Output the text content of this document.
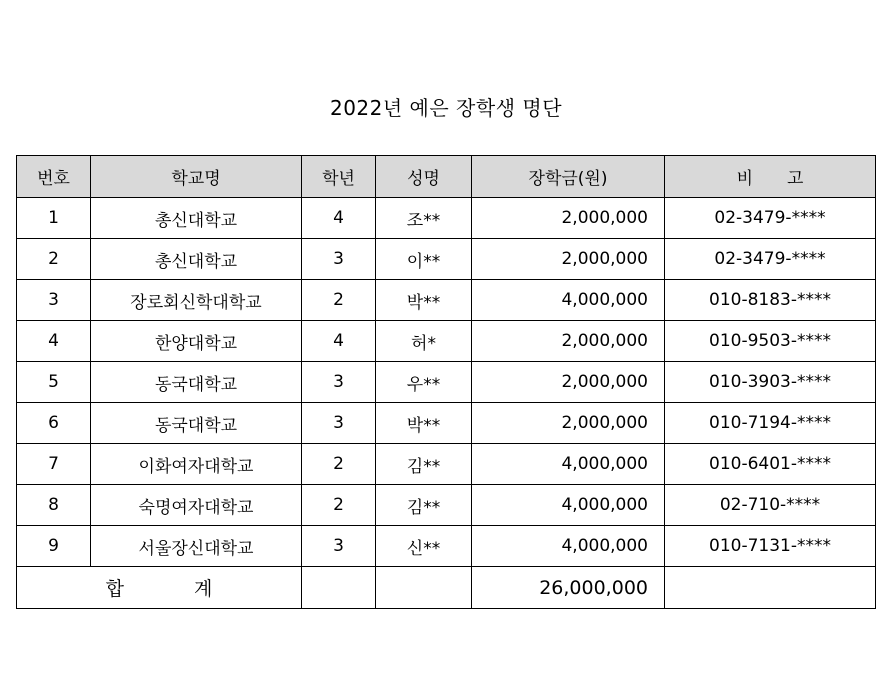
2022년 예은 장학생 명단
번호	학교명	학년	성명	장학금(원)	비 고
1	총신대학교	4	조**	2,000,000	02-3479-****
2	총신대학교	3	이**	2,000,000	02-3479-****
3	장로회신학대학교	2	박**	4,000,000	010-8183-****
4	한양대학교	4	허*	2,000,000	010-9503-****
5	동국대학교	3	우**	2,000,000	010-3903-****
6	동국대학교	3	박**	2,000,000	010-7194-****
7	이화여자대학교	2	김**	4,000,000	010-6401-****
8	숙명여자대학교	2	김**	4,000,000	02-710-****
9	서울장신대학교	3	신**	4,000,000	010-7131-****
합 계				26,000,000	
